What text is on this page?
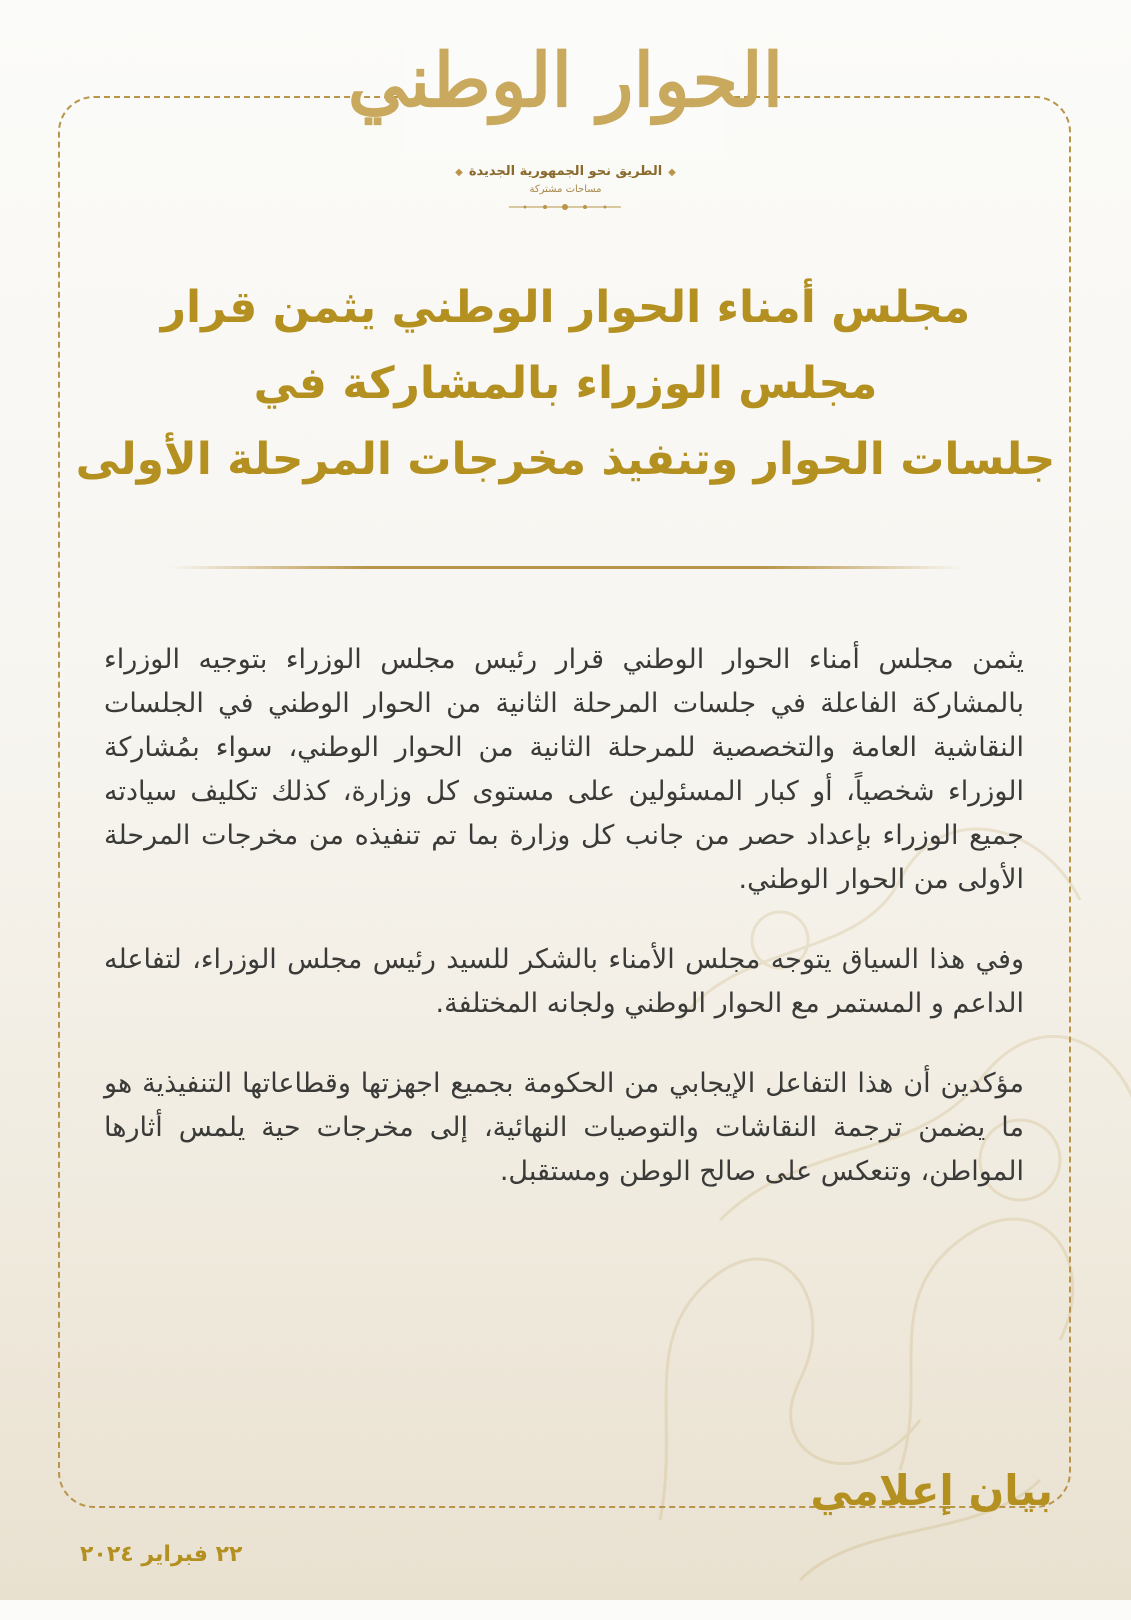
الحوار الوطني
◆الطريق نحو الجمهورية الجديدة◆
مساحات مشتركة
مجلس أمناء الحوار الوطني يثمن قرار
مجلس الوزراء بالمشاركة في
جلسات الحوار وتنفيذ مخرجات المرحلة الأولى

يثمن مجلس أمناء الحوار الوطني قرار رئيس مجلس الوزراء بتوجيه الوزراء بالمشاركة الفاعلة في جلسات المرحلة الثانية من الحوار الوطني في الجلسات النقاشية العامة والتخصصية للمرحلة الثانية من الحوار الوطني، سواء بمُشاركة الوزراء شخصياً، أو كبار المسئولين على مستوى كل وزارة، كذلك تكليف سيادته جميع الوزراء بإعداد حصر من جانب كل وزارة بما تم تنفيذه من مخرجات المرحلة الأولى من الحوار الوطني.

وفي هذا السياق يتوجه مجلس الأمناء بالشكر للسيد رئيس مجلس الوزراء، لتفاعله الداعم و المستمر مع الحوار الوطني ولجانه المختلفة.

مؤكدين أن هذا التفاعل الإيجابي من الحكومة بجميع اجهزتها وقطاعاتها التنفيذية هو ما يضمن ترجمة النقاشات والتوصيات النهائية، إلى مخرجات حية يلمس أثارها المواطن، وتنعكس على صالح الوطن ومستقبل.

بيان إعلامي
٢٢ فبراير ٢٠٢٤
